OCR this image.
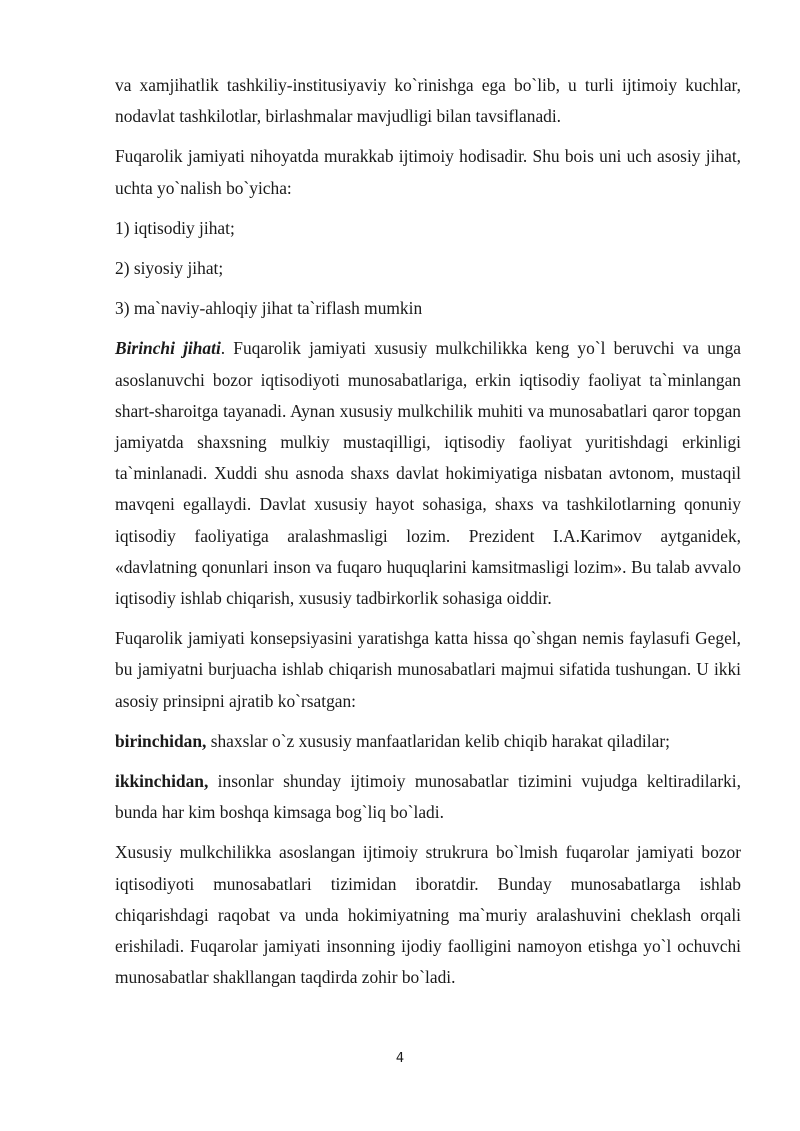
va xamjihatlik tashkiliy-institusiyaviy ko`rinishga ega bo`lib, u turli ijtimoiy kuchlar, nodavlat tashkilotlar, birlashmalar mavjudligi bilan tavsiflanadi.

Fuqarolik jamiyati nihoyatda murakkab ijtimoiy hodisadir. Shu bois uni uch asosiy jihat, uchta yo`nalish bo`yicha:

1) iqtisodiy jihat;

2) siyosiy jihat;

3) ma`naviy-ahloqiy jihat ta`riflash mumkin

Birinchi jihati. Fuqarolik jamiyati xususiy mulkchilikka keng yo`l beruvchi va unga asoslanuvchi bozor iqtisodiyoti munosabatlariga, erkin iqtisodiy faoliyat ta`minlangan shart-sharoitga tayanadi. Aynan xususiy mulkchilik muhiti va munosabatlari qaror topgan jamiyatda shaxsning mulkiy mustaqilligi, iqtisodiy faoliyat yuritishdagi erkinligi ta`minlanadi. Xuddi shu asnoda shaxs davlat hokimiyatiga nisbatan avtonom, mustaqil mavqeni egallaydi. Davlat xususiy hayot sohasiga, shaxs va tashkilotlarning qonuniy iqtisodiy faoliyatiga aralashmasligi lozim. Prezident I.A.Karimov aytganidek, «davlatning qonunlari inson va fuqaro huquqlarini kamsitmasligi lozim». Bu talab avvalo iqtisodiy ishlab chiqarish, xususiy tadbirkorlik sohasiga oiddir.

Fuqarolik jamiyati konsepsiyasini yaratishga katta hissa qo`shgan nemis faylasufi Gegel, bu jamiyatni burjuacha ishlab chiqarish munosabatlari majmui sifatida tushungan. U ikki asosiy prinsipni ajratib ko`rsatgan:

birinchidan, shaxslar o`z xususiy manfaatlaridan kelib chiqib harakat qiladilar;

ikkinchidan, insonlar shunday ijtimoiy munosabatlar tizimini vujudga keltiradilarki, bunda har kim boshqa kimsaga bog`liq bo`ladi.

Xususiy mulkchilikka asoslangan ijtimoiy strukrura bo`lmish fuqarolar jamiyati bozor iqtisodiyoti munosabatlari tizimidan iboratdir. Bunday munosabatlarga ishlab chiqarishdagi raqobat va unda hokimiyatning ma`muriy aralashuvini cheklash orqali erishiladi. Fuqarolar jamiyati insonning ijodiy faolligini namoyon etishga yo`l ochuvchi munosabatlar shakllangan taqdirda zohir bo`ladi.

4
